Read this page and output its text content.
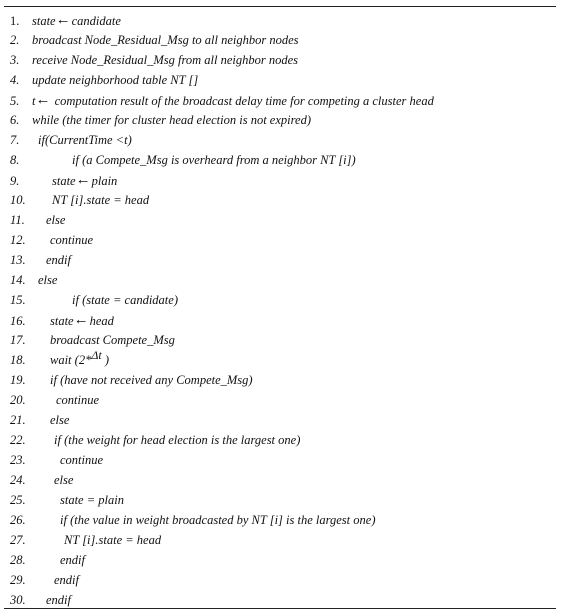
1. state←candidate
2. broadcast Node_Residual_Msg to all neighbor nodes
3. receive Node_Residual_Msg from all neighbor nodes
4. update neighborhood table NT []
5. t← computation result of the broadcast delay time for competing a cluster head
6. while (the timer for cluster head election is not expired)
7. if(CurrentTime <t)
8.	if (a Compete_Msg is overheard from a neighbor NT [i])
9.	state←plain
10. NT [i].state = head
11. else
12. continue
13. endif
14. else
15.	if (state = candidate)
16. state←head
17. broadcast Compete_Msg
18. wait (2*Δt )
19. if (have not received any Compete_Msg)
20. continue
21. else
22. if (the weight for head election is the largest one)
23.	continue
24. else
25.	state = plain
26.	if (the value in weight broadcasted by NT [i] is the largest one)
27.	NT [i].state = head
28.	endif
29. endif
30. endif
